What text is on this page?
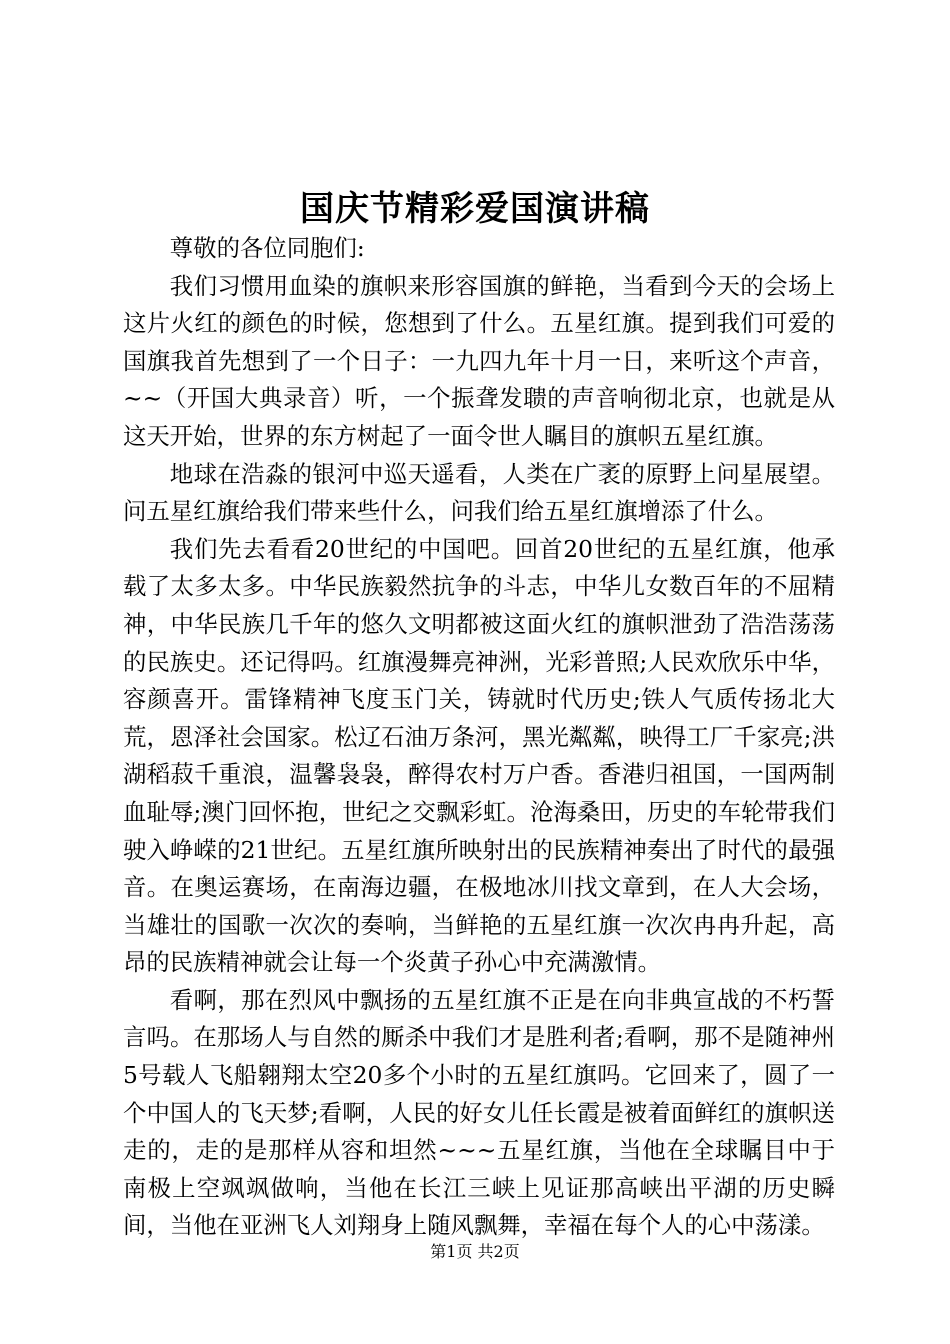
国庆节精彩爱国演讲稿

尊敬的各位同胞们:

我们习惯用血染的旗帜来形容国旗的鲜艳，当看到今天的会场上这片火红的颜色的时候，您想到了什么。五星红旗。提到我们可爱的国旗我首先想到了一个日子：一九四九年十月一日，来听这个声音，~~（开国大典录音）听，一个振聋发聩的声音响彻北京，也就是从这天开始，世界的东方树起了一面令世人瞩目的旗帜五星红旗。

地球在浩淼的银河中巡天遥看，人类在广袤的原野上问星展望。问五星红旗给我们带来些什么，问我们给五星红旗增添了什么。

我们先去看看20世纪的中国吧。回首20世纪的五星红旗，他承载了太多太多。中华民族毅然抗争的斗志，中华儿女数百年的不屈精神，中华民族几千年的悠久文明都被这面火红的旗帜泄劲了浩浩荡荡的民族史。还记得吗。红旗漫舞亮神洲，光彩普照;人民欢欣乐中华，容颜喜开。雷锋精神飞度玉门关，铸就时代历史;铁人气质传扬北大荒，恩泽社会国家。松辽石油万条河，黑光粼粼，映得工厂千家亮;洪湖稻菽千重浪，温馨袅袅，醉得农村万户香。香港归祖国，一国两制血耻辱;澳门回怀抱，世纪之交飘彩虹。沧海桑田，历史的车轮带我们驶入峥嵘的21世纪。五星红旗所映射出的民族精神奏出了时代的最强音。在奥运赛场，在南海边疆，在极地冰川找文章到，在人大会场，当雄壮的国歌一次次的奏响，当鲜艳的五星红旗一次次冉冉升起，高昂的民族精神就会让每一个炎黄子孙心中充满激情。

看啊，那在烈风中飘扬的五星红旗不正是在向非典宣战的不朽誓言吗。在那场人与自然的厮杀中我们才是胜利者;看啊，那不是随神州5号载人飞船翱翔太空20多个小时的五星红旗吗。它回来了，圆了一个中国人的飞天梦;看啊，人民的好女儿任长霞是被着面鲜红的旗帜送走的，走的是那样从容和坦然~~~五星红旗，当他在全球瞩目中于南极上空飒飒做响，当他在长江三峡上见证那高峡出平湖的历史瞬间，当他在亚洲飞人刘翔身上随风飘舞，幸福在每个人的心中荡漾。

第1页 共2页
